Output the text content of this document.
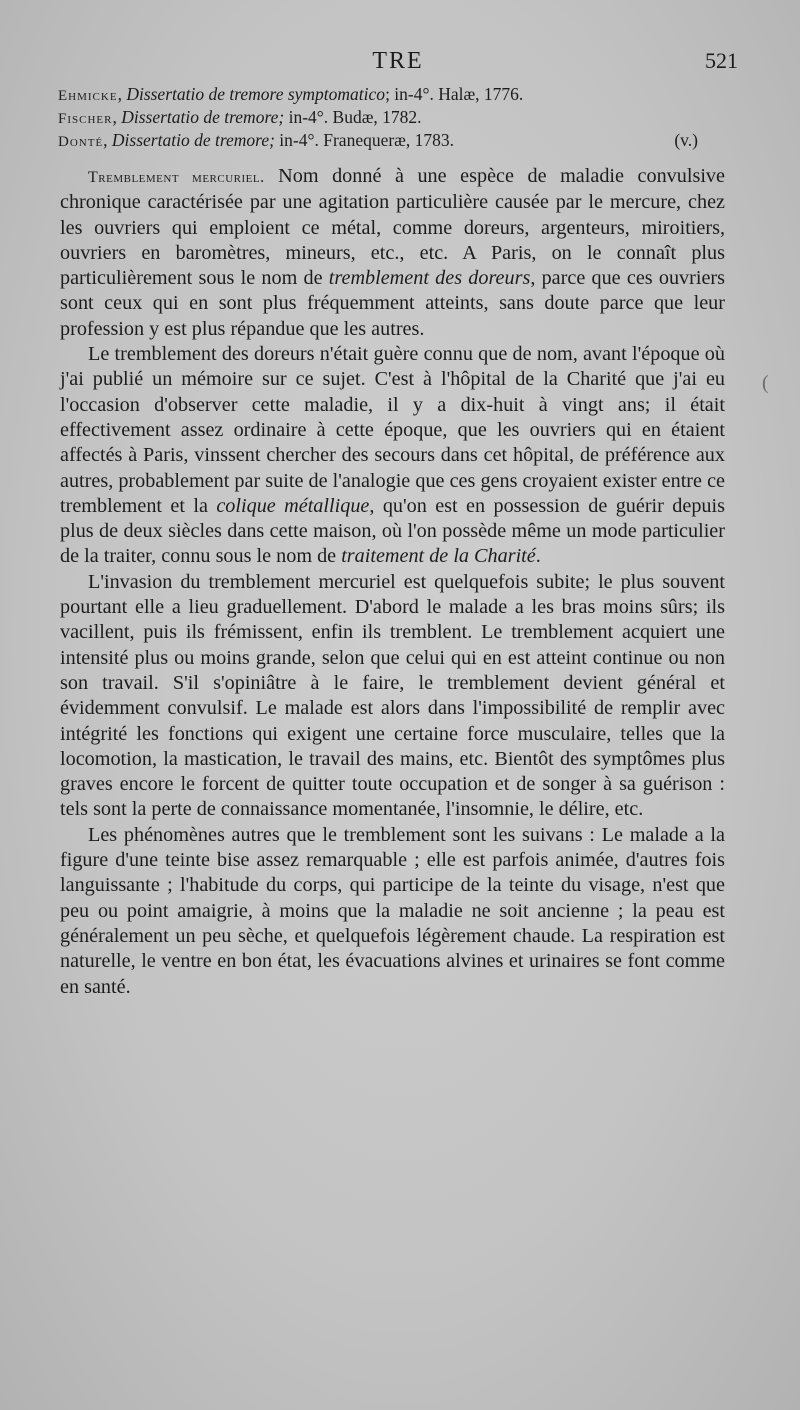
TRE	521
Ehmicke, Dissertatio de tremore symptomatico; in-4°. Halæ, 1776.
Fischer, Dissertatio de tremore; in-4°. Budæ, 1782.
Donté, Dissertatio de tremore; in-4°. Franequeræ, 1783.	(v.)

Tremblement mercuriel. Nom donné à une espèce de maladie convulsive chronique caractérisée par une agitation particulière causée par le mercure, chez les ouvriers qui emploient ce métal, comme doreurs, argenteurs, miroitiers, ouvriers en baromètres, mineurs, etc., etc. A Paris, on le connaît plus particulièrement sous le nom de tremblement des doreurs, parce que ces ouvriers sont ceux qui en sont plus fréquemment atteints, sans doute parce que leur profession y est plus répandue que les autres.

Le tremblement des doreurs n'était guère connu que de nom, avant l'époque où j'ai publié un mémoire sur ce sujet. C'est à l'hôpital de la Charité que j'ai eu l'occasion d'observer cette maladie, il y a dix-huit à vingt ans; il était effectivement assez ordinaire à cette époque, que les ouvriers qui en étaient affectés à Paris, vinssent chercher des secours dans cet hôpital, de préférence aux autres, probablement par suite de l'analogie que ces gens croyaient exister entre ce tremblement et la colique métallique, qu'on est en possession de guérir depuis plus de deux siècles dans cette maison, où l'on possède même un mode particulier de la traiter, connu sous le nom de traitement de la Charité.

L'invasion du tremblement mercuriel est quelquefois subite; le plus souvent pourtant elle a lieu graduellement. D'abord le malade a les bras moins sûrs; ils vacillent, puis ils frémissent, enfin ils tremblent. Le tremblement acquiert une intensité plus ou moins grande, selon que celui qui en est atteint continue ou non son travail. S'il s'opiniâtre à le faire, le tremblement devient général et évidemment convulsif. Le malade est alors dans l'impossibilité de remplir avec intégrité les fonctions qui exigent une certaine force musculaire, telles que la locomotion, la mastication, le travail des mains, etc. Bientôt des symptômes plus graves encore le forcent de quitter toute occupation et de songer à sa guérison : tels sont la perte de connaissance momentanée, l'insomnie, le délire, etc.

Les phénomènes autres que le tremblement sont les suivans : Le malade a la figure d'une teinte bise assez remarquable ; elle est parfois animée, d'autres fois languissante ; l'habitude du corps, qui participe de la teinte du visage, n'est que peu ou point amaigrie, à moins que la maladie ne soit ancienne ; la peau est généralement un peu sèche, et quelquefois légèrement chaude. La respiration est naturelle, le ventre en bon état, les évacuations alvines et urinaires se font comme en santé.

(
